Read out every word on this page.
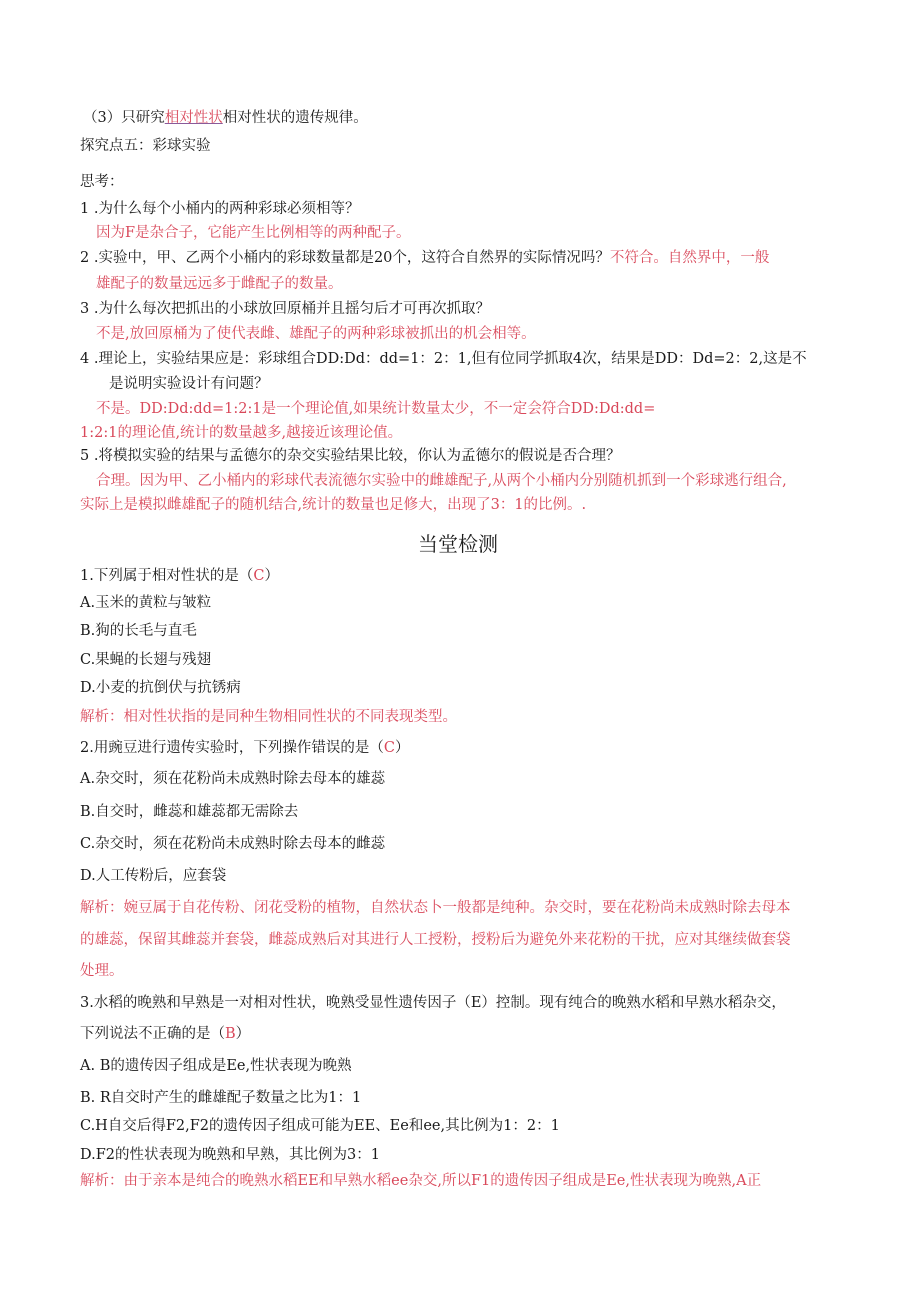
（3）只研究相对性状相对性状的遗传规律。
探究点五：彩球实验
思考：
1 .为什么每个小桶内的两种彩球必须相等？
因为F是杂合子，它能产生比例相等的两种配子。
2 .实验中，甲、乙两个小桶内的彩球数量都是20个，这符合自然界的实际情况吗？不符合。自然界中，一般
雄配子的数量远远多于雌配子的数量。
3 .为什么每次把抓出的小球放回原桶并且摇匀后才可再次抓取？
不是,放回原桶为了使代表雌、雄配子的两种彩球被抓出的机会相等。
4 .理论上，实验结果应是：彩球组合DD:Dd：dd=1：2：1,但有位同学抓取4次，结果是DD：Dd=2：2,这是不
是说明实验设计有问题？
不是。DD:Dd:dd=1:2:1是一个理论值,如果统计数量太少，不一定会符合DD:Dd:dd=
1:2:1的理论值,统计的数量越多,越接近该理论值。
5 .将模拟实验的结果与孟德尔的杂交实验结果比较，你认为孟德尔的假说是否合理？
合理。因为甲、乙小桶内的彩球代表流德尔实验中的雌雄配子,从两个小桶内分别随机抓到一个彩球逃行组合,
实际上是模拟雌雄配子的随机结合,统计的数量也足修大，出现了3：1的比例。.
当堂检测
1.下列属于相对性状的是（C）
A.玉米的黄粒与皱粒
B.狗的长毛与直毛
C.果蝇的长翅与残翅
D.小麦的抗倒伏与抗锈病
解析：相对性状指的是同种生物相同性状的不同表现类型。
2.用豌豆进行遗传实验时，下列操作错误的是（C）
A.杂交时，须在花粉尚未成熟时除去母本的雄蕊
B.自交时，雌蕊和雄蕊都无需除去
C.杂交时，须在花粉尚未成熟时除去母本的雌蕊
D.人工传粉后，应套袋
解析：婉豆属于自花传粉、闭花受粉的植物，自然状态卜一般都是纯种。杂交时，要在花粉尚未成熟时除去母本
的雄蕊，保留其雌蕊并套袋，雌蕊成熟后对其进行人工授粉，授粉后为避免外来花粉的干扰，应对其继续做套袋
处理。
3.水稻的晚熟和早熟是一对相对性状，晚熟受显性遗传因子（E）控制。现有纯合的晚熟水稻和早熟水稻杂交，
下列说法不正确的是（B）
A. B的遗传因子组成是Ee,性状表现为晚熟
B. R自交时产生的雌雄配子数量之比为1：1
C.H自交后得F2,F2的遗传因子组成可能为EE、Ee和ee,其比例为1：2：1
D.F2的性状表现为晚熟和早熟，其比例为3：1
解析：由于亲本是纯合的晚熟水稻EE和早熟水稻ee杂交,所以F1的遗传因子组成是Ee,性状表现为晚熟,A正
